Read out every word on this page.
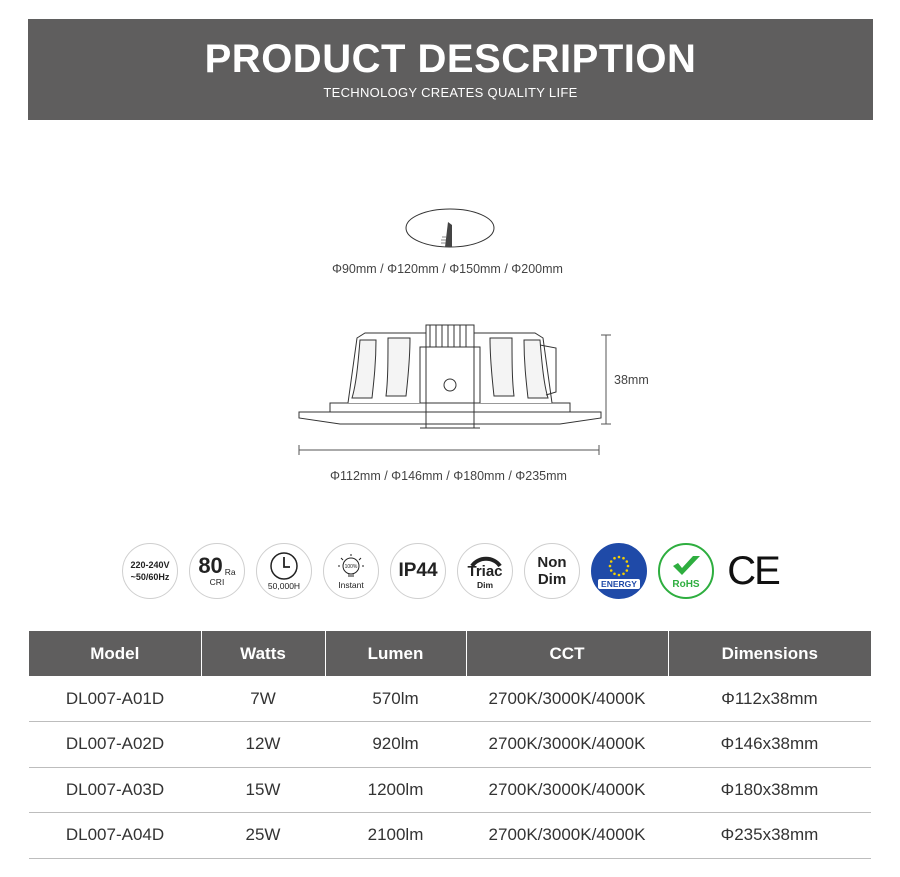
PRODUCT DESCRIPTION
TECHNOLOGY CREATES QUALITY LIFE
Φ90mm / Φ120mm / Φ150mm / Φ200mm
38mm
Φ112mm / Φ146mm / Φ180mm / Φ235mm
220-240V
~50/60Hz 80 Ra
CRI	50,000H
100%
Instant
IP44 Triac
Dim
Non
Dim	ENERGY	RoHS CE
Model	Watts	Lumen	CCT	Dimensions
DL007-A01D	7W	570lm	2700K/3000K/4000K	Φ112x38mm
DL007-A02D	12W	920lm	2700K/3000K/4000K	Φ146x38mm
DL007-A03D	15W	1200lm	2700K/3000K/4000K	Φ180x38mm
DL007-A04D	25W	2100lm	2700K/3000K/4000K	Φ235x38mm
